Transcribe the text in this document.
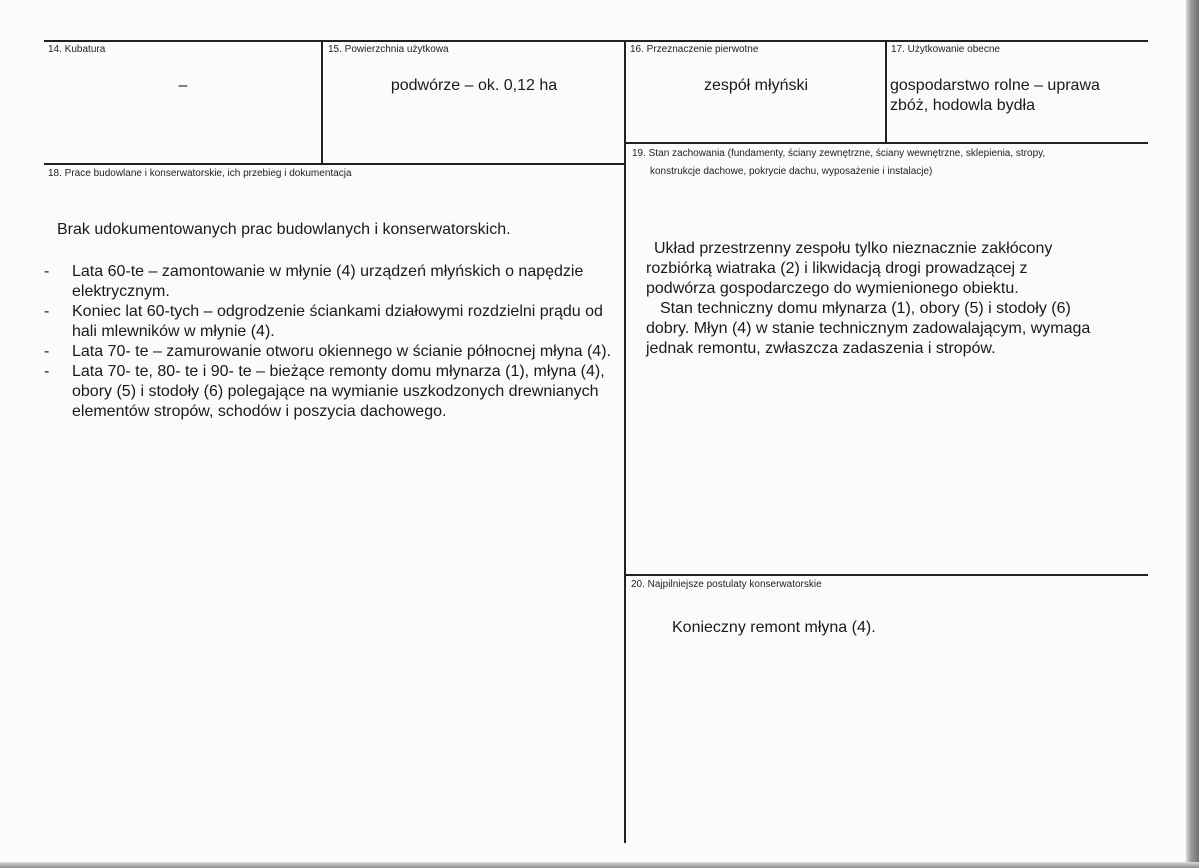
14. Kubatura

–

15. Powierzchnia użytkowa

podwórze – ok. 0,12 ha

16. Przeznaczenie pierwotne

zespół młyński

17. Użytkowanie obecne

gospodarstwo rolne – uprawa zbóż, hodowla bydła

19. Stan zachowania (fundamenty, ściany zewnętrzne, ściany wewnętrzne, sklepienia, stropy,

konstrukcje dachowe, pokrycie dachu, wyposażenie i instalacje)

Układ przestrzenny zespołu tylko nieznacznie zakłócony rozbiórką wiatraka (2) i likwidacją drogi prowadzącej z podwórza gospodarczego do wymienionego obiektu.

Stan techniczny domu młynarza (1), obory (5) i stodoły (6) dobry. Młyn (4) w stanie technicznym zadowalającym, wymaga jednak remontu, zwłaszcza zadaszenia i stropów.

18. Prace budowlane i konserwatorskie, ich przebieg i dokumentacja

Brak udokumentowanych prac budowlanych i konserwatorskich.

-	Lata 60-te – zamontowanie w młynie (4) urządzeń młyńskich o napędzie elektrycznym.
-	Koniec lat 60-tych – odgrodzenie ściankami działowymi rozdzielni prądu od hali mlewników w młynie (4).
-	Lata 70- te – zamurowanie otworu okiennego w ścianie północnej młyna (4).
-	Lata 70- te, 80- te i 90- te – bieżące remonty domu młynarza (1), młyna (4), obory (5) i stodoły (6) polegające na wymianie uszkodzonych drewnianych elementów stropów, schodów i poszycia dachowego.

20. Najpilniejsze postulaty konserwatorskie

Konieczny remont młyna (4).
